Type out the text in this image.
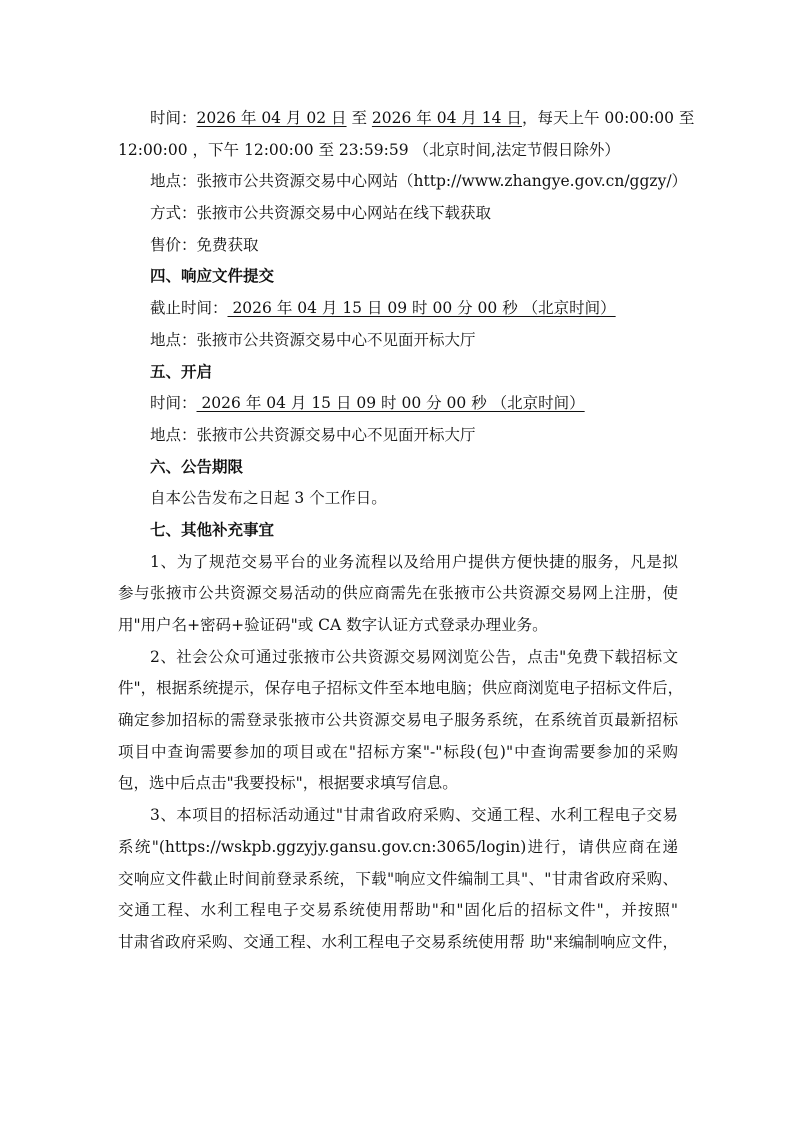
时间：2026 年 04 月 02 日 至 2026 年 04 月 14 日，每天上午 00:00:00 至
12:00:00 ，下午 12:00:00 至 23:59:59 （北京时间,法定节假日除外）
地点：张掖市公共资源交易中心网站（http://www.zhangye.gov.cn/ggzy/）
方式：张掖市公共资源交易中心网站在线下载获取
售价：免费获取
四、响应文件提交
截止时间： 2026 年 04 月 15 日 09 时 00 分 00 秒 （北京时间）
地点：张掖市公共资源交易中心不见面开标大厅
五、开启
时间： 2026 年 04 月 15 日 09 时 00 分 00 秒 （北京时间）
地点：张掖市公共资源交易中心不见面开标大厅
六、公告期限
自本公告发布之日起 3 个工作日。
七、其他补充事宜
1、为了规范交易平台的业务流程以及给用户提供方便快捷的服务，凡是拟
参与张掖市公共资源交易活动的供应商需先在张掖市公共资源交易网上注册，使
用"用户名+密码+验证码"或 CA 数字认证方式登录办理业务。
2、社会公众可通过张掖市公共资源交易网浏览公告，点击"免费下载招标文
件"，根据系统提示，保存电子招标文件至本地电脑；供应商浏览电子招标文件后，
确定参加招标的需登录张掖市公共资源交易电子服务系统，在系统首页最新招标
项目中查询需要参加的项目或在"招标方案"-"标段(包)"中查询需要参加的采购
包，选中后点击"我要投标"，根据要求填写信息。
3、本项目的招标活动通过"甘肃省政府采购、交通工程、水利工程电子交易
系统"(https://wskpb.ggzyjy.gansu.gov.cn:3065/login)进行，请供应商在递
交响应文件截止时间前登录系统，下载"响应文件编制工具"、"甘肃省政府采购、
交通工程、水利工程电子交易系统使用帮助"和"固化后的招标文件"，并按照"
甘肃省政府采购、交通工程、水利工程电子交易系统使用帮 助"来编制响应文件，
